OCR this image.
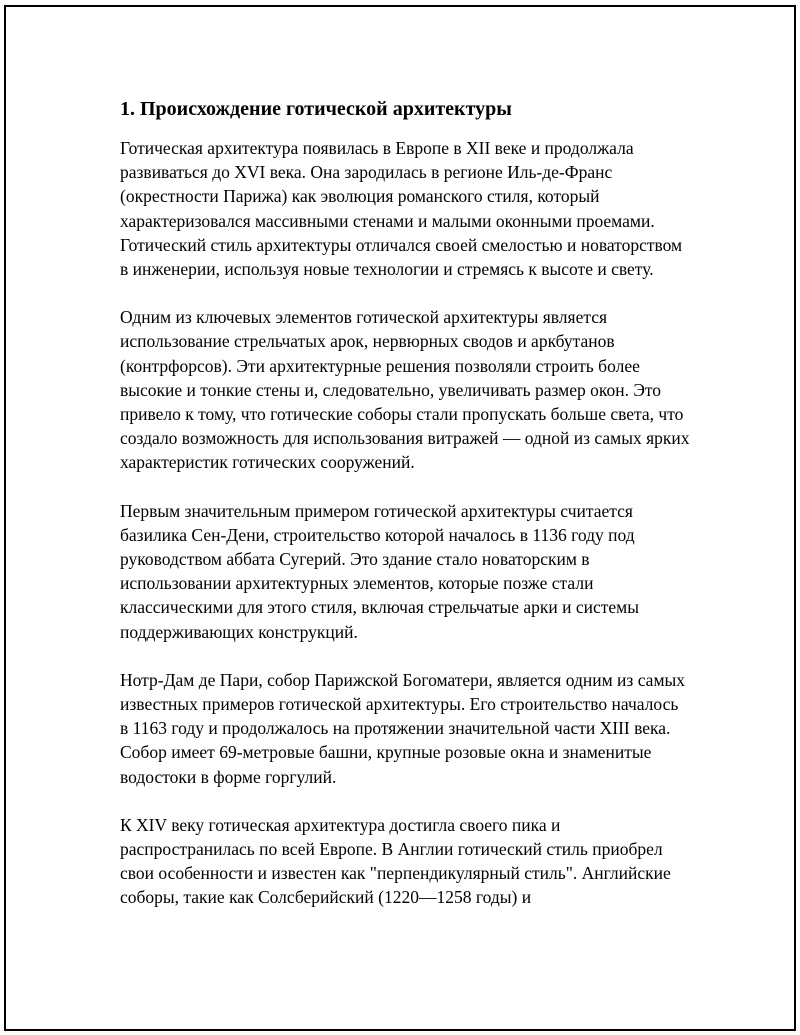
1. Происхождение готической архитектуры

Готическая архитектура появилась в Европе в XII веке и продолжала развиваться до XVI века. Она зародилась в регионе Иль-де-Франс (окрестности Парижа) как эволюция романского стиля, который характеризовался массивными стенами и малыми оконными проемами. Готический стиль архитектуры отличался своей смелостью и новаторством в инженерии, используя новые технологии и стремясь к высоте и свету.

Одним из ключевых элементов готической архитектуры является использование стрельчатых арок, нервюрных сводов и аркбутанов (контрфорсов). Эти архитектурные решения позволяли строить более высокие и тонкие стены и, следовательно, увеличивать размер окон. Это привело к тому, что готические соборы стали пропускать больше света, что создало возможность для использования витражей — одной из самых ярких характеристик готических сооружений.

Первым значительным примером готической архитектуры считается базилика Сен-Дени, строительство которой началось в 1136 году под руководством аббата Сугерий. Это здание стало новаторским в использовании архитектурных элементов, которые позже стали классическими для этого стиля, включая стрельчатые арки и системы поддерживающих конструкций.

Нотр-Дам де Пари, собор Парижской Богоматери, является одним из самых известных примеров готической архитектуры. Его строительство началось в 1163 году и продолжалось на протяжении значительной части XIII века. Собор имеет 69-метровые башни, крупные розовые окна и знаменитые водостоки в форме горгулий.

К XIV веку готическая архитектура достигла своего пика и распространилась по всей Европе. В Англии готический стиль приобрел свои особенности и известен как "перпендикулярный стиль". Английские соборы, такие как Солсберийский (1220—1258 годы) и
